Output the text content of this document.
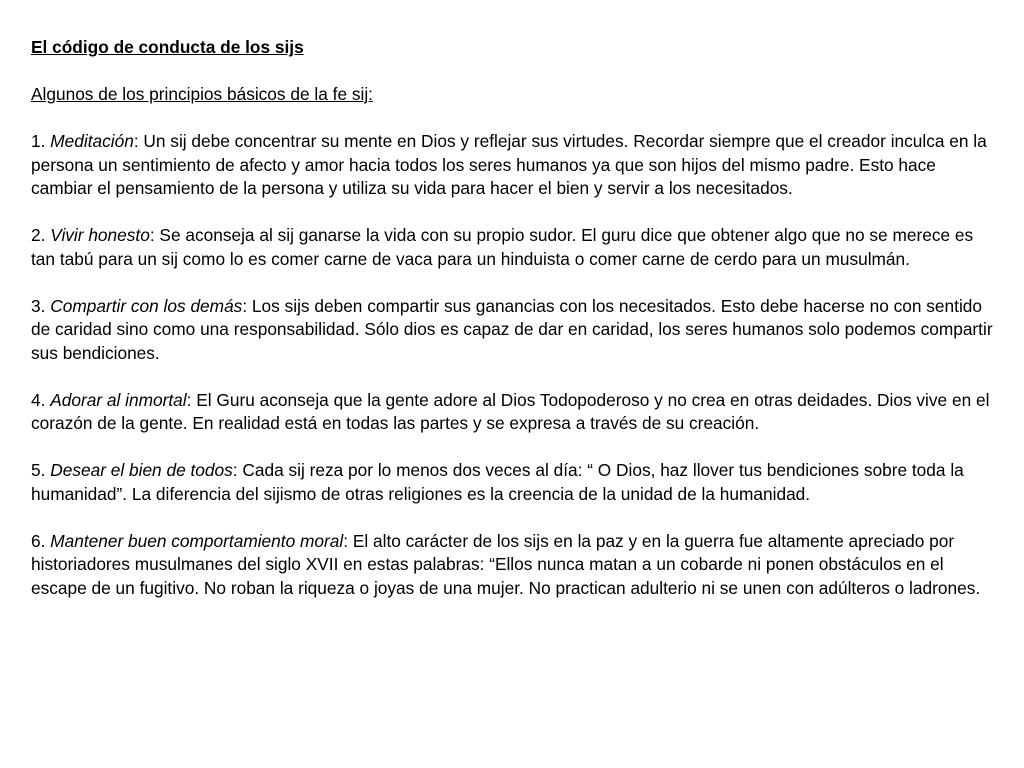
El código de conducta de los sijs

Algunos de los principios básicos de la fe sij:

1. Meditación: Un sij debe concentrar su mente en Dios y reflejar sus virtudes. Recordar siempre que el creador inculca en la persona un sentimiento de afecto y amor hacia todos los seres humanos ya que son hijos del mismo padre. Esto hace cambiar el pensamiento de la persona y utiliza su vida para hacer el bien y servir a los necesitados.

2. Vivir honesto: Se aconseja al sij ganarse la vida con su propio sudor. El guru dice que obtener algo que no se merece es tan tabú para un sij como lo es comer carne de vaca para un hinduista o comer carne de cerdo para un musulmán.

3. Compartir con los demás: Los sijs deben compartir sus ganancias con los necesitados. Esto debe hacerse no con sentido de caridad sino como una responsabilidad. Sólo dios es capaz de dar en caridad, los seres humanos solo podemos compartir sus bendiciones.

4. Adorar al inmortal: El Guru aconseja que la gente adore al Dios Todopoderoso y no crea en otras deidades. Dios vive en el corazón de la gente. En realidad está en todas las partes y se expresa a través de su creación.

5. Desear el bien de todos: Cada sij reza por lo menos dos veces al día: “ O Dios, haz llover tus bendiciones sobre toda la humanidad”. La diferencia del sijismo de otras religiones es la creencia de la unidad de la humanidad.

6. Mantener buen comportamiento moral: El alto carácter de los sijs en la paz y en la guerra fue altamente apreciado por historiadores musulmanes del siglo XVII en estas palabras: “Ellos nunca matan a un cobarde ni ponen obstáculos en el escape de un fugitivo. No roban la riqueza o joyas de una mujer. No practican adulterio ni se unen con adúlteros o ladrones.
